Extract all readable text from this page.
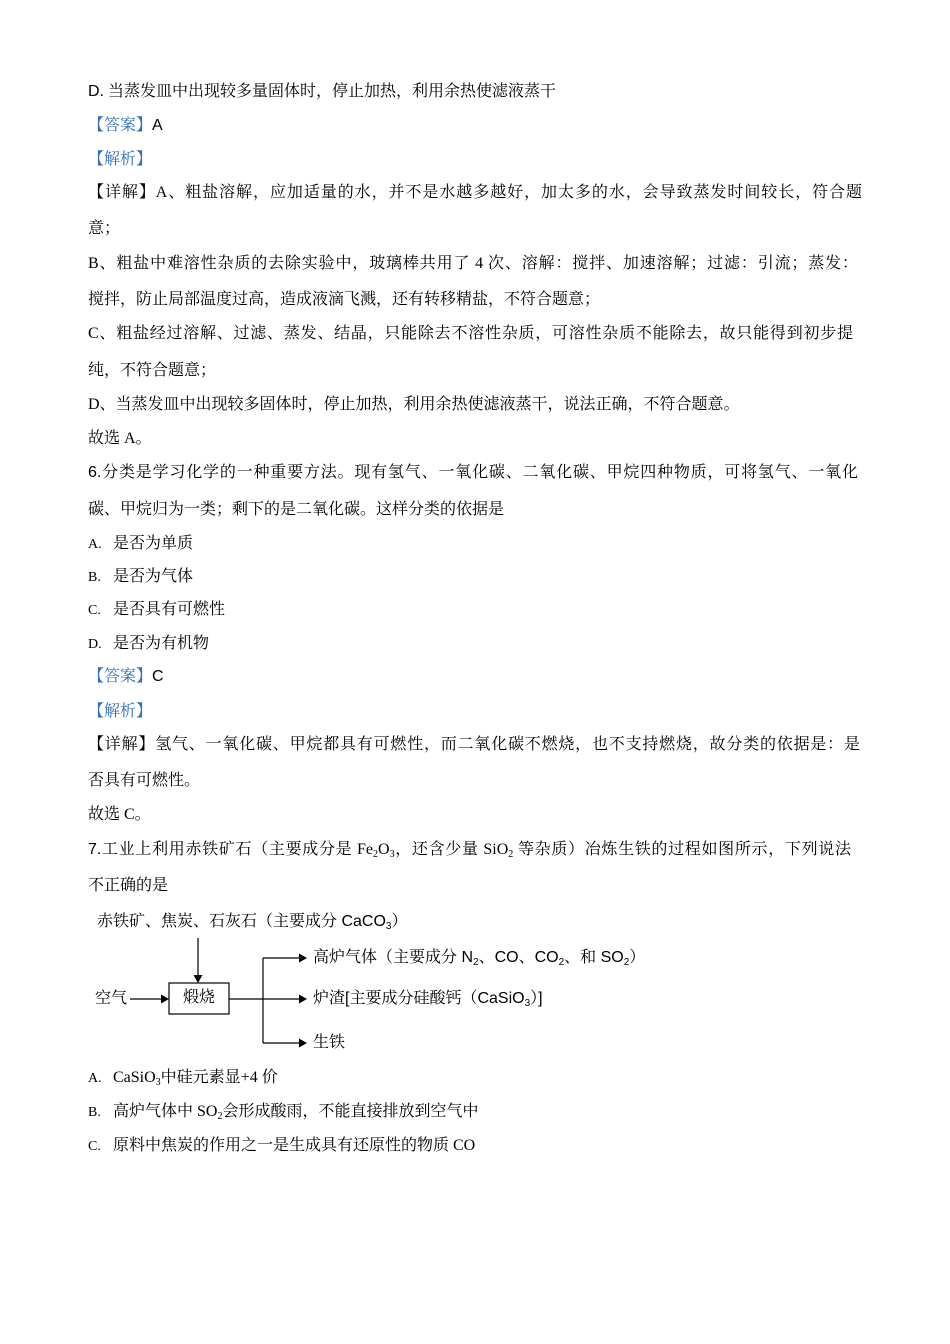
D. 当蒸发皿中出现较多量固体时，停止加热，利用余热使滤液蒸干
【答案】A
【解析】
【详解】A、粗盐溶解，应加适量的水，并不是水越多越好，加太多的水，会导致蒸发时间较长，符合题
意；
B、粗盐中难溶性杂质的去除实验中，玻璃棒共用了 4 次、溶解：搅拌、加速溶解；过滤：引流；蒸发：
搅拌，防止局部温度过高，造成液滴飞溅，还有转移精盐，不符合题意；
C、粗盐经过溶解、过滤、蒸发、结晶，只能除去不溶性杂质，可溶性杂质不能除去，故只能得到初步提
纯，不符合题意；
D、当蒸发皿中出现较多固体时，停止加热，利用余热使滤液蒸干，说法正确，不符合题意。
故选 A。
6.分类是学习化学的一种重要方法。现有氢气、一氧化碳、二氧化碳、甲烷四种物质，可将氢气、一氧化
碳、甲烷归为一类；剩下的是二氧化碳。这样分类的依据是
A. 是否为单质
B. 是否为气体
C. 是否具有可燃性
D. 是否为有机物
【答案】C
【解析】
【详解】氢气、一氧化碳、甲烷都具有可燃性，而二氧化碳不燃烧，也不支持燃烧，故分类的依据是：是
否具有可燃性。
故选 C。
7.工业上利用赤铁矿石（主要成分是 $Fe_2O_3$，还含少量 SiO$_2$ 等杂质）冶炼生铁的过程如图所示，下列说法
不正确的是
赤铁矿、焦炭、石灰石（主要成分 CaCO$_3$）
空气	煅烧
高炉气体（主要成分 $N_2$、CO、$CO_2$、和 $SO_2$）
炉渣[主要成分硅酸钙（CaSiO$_3$）]
生铁
A. CaSiO$_3$中硅元素显+4 价
B. 高炉气体中 $SO_2$会形成酸雨，不能直接排放到空气中
C. 原料中焦炭的作用之一是生成具有还原性的物质 CO
